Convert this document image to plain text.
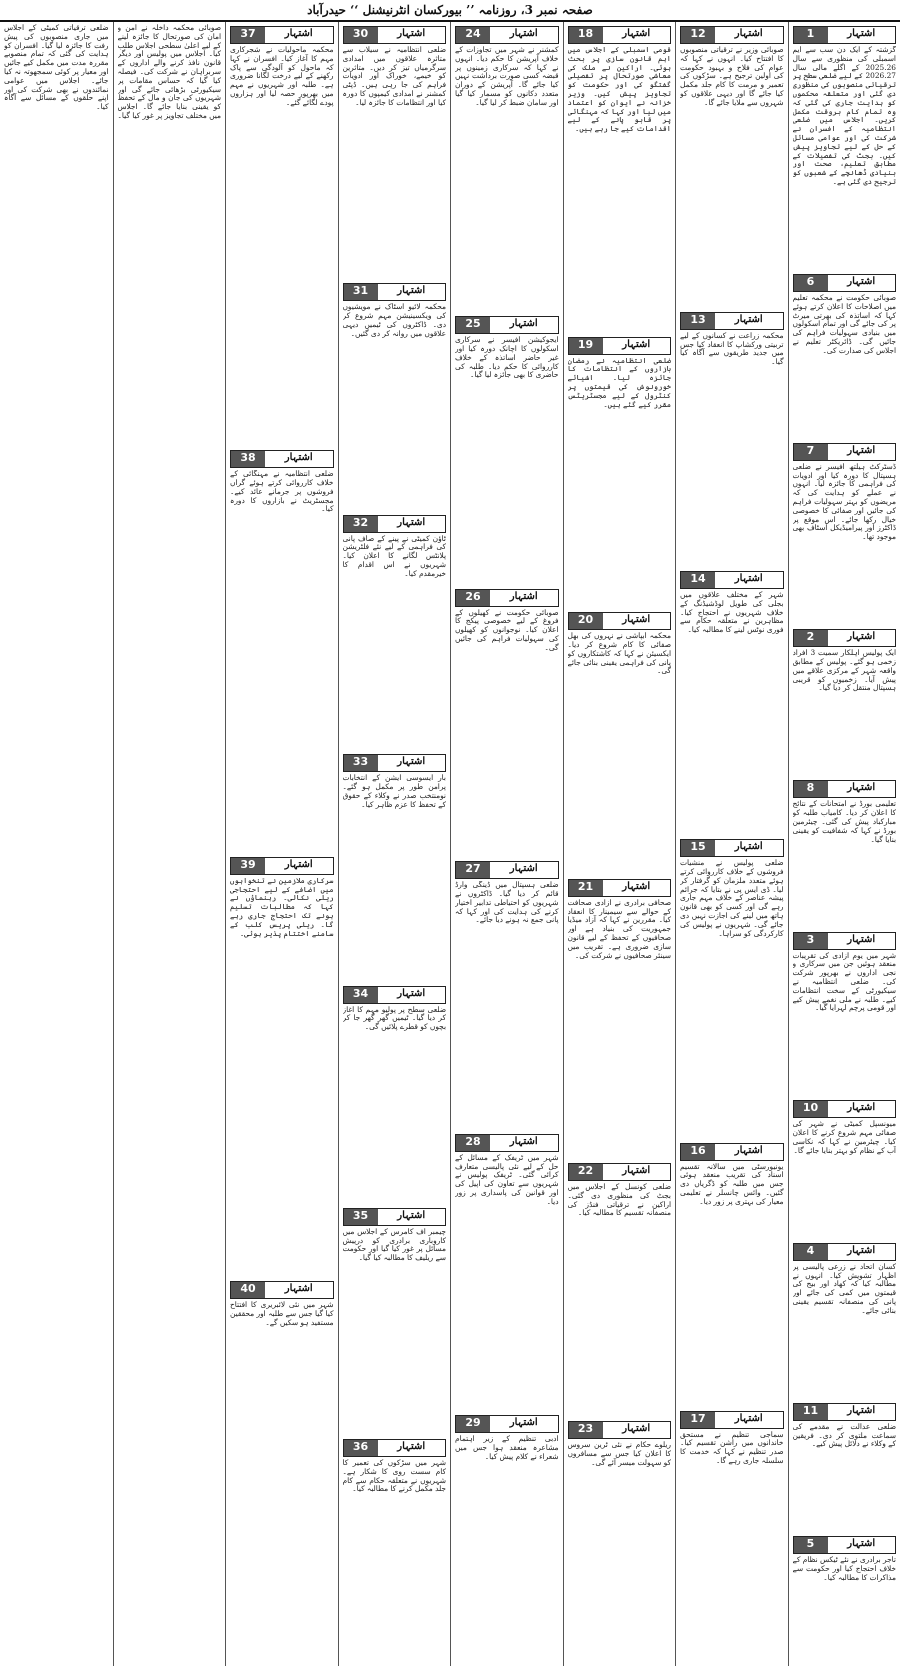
صفحہ نمبر 3، روزنامہ ’’ بیورکسان انٹرنیشنل ‘‘ حیدرآباد
اشتہار
1
گزشتہ کے ایک دن سب سے ایم اسمبلی کی منظوری سے سال 2025.26 کے اگلے مالی سال 2026.27 کے لیے ضلعی سطح پر ترقیاتی منصوبوں کی منظوری دی گئی اور متعلقہ محکموں کو ہدایت جاری کی گئی کہ وہ تمام کام بروقت مکمل کریں۔ اجلاس میں ضلعی انتظامیہ کے افسران نے شرکت کی اور عوامی مسائل کے حل کے لیے تجاویز پیش کیں۔ بجٹ کی تفصیلات کے مطابق تعلیم، صحت اور بنیادی ڈھانچے کے شعبوں کو ترجیح دی گئی ہے۔
اشتہار
6
صوبائی حکومت نے محکمہ تعلیم میں اصلاحات کا اعلان کرتے ہوئے کہا کہ اساتذہ کی بھرتی میرٹ پر کی جائے گی اور تمام اسکولوں میں بنیادی سہولیات فراہم کی جائیں گی۔ ڈائریکٹر تعلیم نے اجلاس کی صدارت کی۔
اشتہار
7
ڈسٹرکٹ ہیلتھ آفیسر نے ضلعی ہسپتال کا دورہ کیا اور ادویات کی فراہمی کا جائزہ لیا۔ انہوں نے عملے کو ہدایت کی کہ مریضوں کو بہتر سہولیات فراہم کی جائیں اور صفائی کا خصوصی خیال رکھا جائے۔ اس موقع پر ڈاکٹرز اور پیرامیڈیکل اسٹاف بھی موجود تھا۔
اشتہار
2
ایک پولیس اہلکار سمیت 3 افراد زخمی ہو گئے۔ پولیس کے مطابق واقعہ شہر کے مرکزی علاقے میں پیش آیا۔ زخمیوں کو قریبی ہسپتال منتقل کر دیا گیا۔
اشتہار
8
تعلیمی بورڈ نے امتحانات کے نتائج کا اعلان کر دیا۔ کامیاب طلبہ کو مبارکباد پیش کی گئی۔ چیئرمین بورڈ نے کہا کہ شفافیت کو یقینی بنایا گیا۔
اشتہار
3
شہر میں یوم آزادی کی تقریبات منعقد ہوئیں جن میں سرکاری و نجی اداروں نے بھرپور شرکت کی۔ ضلعی انتظامیہ نے سیکیورٹی کے سخت انتظامات کیے۔ طلبہ نے ملی نغمے پیش کیے اور قومی پرچم لہرایا گیا۔
اشتہار
10
میونسپل کمیٹی نے شہر کی صفائی مہم شروع کرنے کا اعلان کیا۔ چیئرمین نے کہا کہ نکاسی آب کے نظام کو بہتر بنایا جائے گا۔
اشتہار
4
کسان اتحاد نے زرعی پالیسی پر اظہار تشویش کیا۔ انہوں نے مطالبہ کیا کہ کھاد اور بیج کی قیمتوں میں کمی کی جائے اور پانی کی منصفانہ تقسیم یقینی بنائی جائے۔
اشتہار
11
ضلعی عدالت نے مقدمے کی سماعت ملتوی کر دی۔ فریقین کے وکلاء نے دلائل پیش کیے۔
اشتہار
5
تاجر برادری نے نئے ٹیکس نظام کے خلاف احتجاج کیا اور حکومت سے مذاکرات کا مطالبہ کیا۔
اشتہار
12
صوبائی وزیر نے ترقیاتی منصوبوں کا افتتاح کیا۔ انہوں نے کہا کہ عوام کی فلاح و بہبود حکومت کی اولین ترجیح ہے۔ سڑکوں کی تعمیر و مرمت کا کام جلد مکمل کیا جائے گا اور دیہی علاقوں کو شہروں سے ملایا جائے گا۔
اشتہار
13
محکمہ زراعت نے کسانوں کے لیے تربیتی ورکشاپ کا انعقاد کیا جس میں جدید طریقوں سے آگاہ کیا گیا۔
اشتہار
14
شہر کے مختلف علاقوں میں بجلی کی طویل لوڈشیڈنگ کے خلاف شہریوں نے احتجاج کیا۔ مظاہرین نے متعلقہ حکام سے فوری نوٹس لینے کا مطالبہ کیا۔
اشتہار
15
ضلعی پولیس نے منشیات فروشوں کے خلاف کارروائی کرتے ہوئے متعدد ملزمان کو گرفتار کر لیا۔ ڈی ایس پی نے بتایا کہ جرائم پیشہ عناصر کے خلاف مہم جاری رہے گی اور کسی کو بھی قانون ہاتھ میں لینے کی اجازت نہیں دی جائے گی۔ شہریوں نے پولیس کی کارکردگی کو سراہا۔
اشتہار
16
یونیورسٹی میں سالانہ تقسیم اسناد کی تقریب منعقد ہوئی جس میں طلبہ کو ڈگریاں دی گئیں۔ وائس چانسلر نے تعلیمی معیار کی بہتری پر زور دیا۔
اشتہار
17
سماجی تنظیم نے مستحق خاندانوں میں راشن تقسیم کیا۔ صدر تنظیم نے کہا کہ خدمت کا سلسلہ جاری رہے گا۔
اشتہار
18
قومی اسمبلی کے اجلاس میں اہم قانون سازی پر بحث ہوئی۔ اراکین نے ملک کی معاشی صورتحال پر تفصیلی گفتگو کی اور حکومت کو تجاویز پیش کیں۔ وزیر خزانہ نے ایوان کو اعتماد میں لیا اور کہا کہ مہنگائی پر قابو پانے کے لیے اقدامات کیے جا رہے ہیں۔
اشتہار
19
ضلعی انتظامیہ نے رمضان بازاروں کے انتظامات کا جائزہ لیا۔ اشیائے خورونوش کی قیمتوں پر کنٹرول کے لیے مجسٹریٹس مقرر کیے گئے ہیں۔
اشتہار
20
محکمہ آبپاشی نے نہروں کی بھل صفائی کا کام شروع کر دیا۔ ایکسیئن نے کہا کہ کاشتکاروں کو پانی کی فراہمی یقینی بنائی جائے گی۔
اشتہار
21
صحافی برادری نے آزادی صحافت کے حوالے سے سیمینار کا انعقاد کیا۔ مقررین نے کہا کہ آزاد میڈیا جمہوریت کی بنیاد ہے اور صحافیوں کے تحفظ کے لیے قانون سازی ضروری ہے۔ تقریب میں سینئر صحافیوں نے شرکت کی۔
اشتہار
22
ضلعی کونسل کے اجلاس میں بجٹ کی منظوری دی گئی۔ اراکین نے ترقیاتی فنڈز کی منصفانہ تقسیم کا مطالبہ کیا۔
اشتہار
23
ریلوے حکام نے نئی ٹرین سروس کا اعلان کیا جس سے مسافروں کو سہولت میسر آئے گی۔
اشتہار
24
کمشنر نے شہر میں تجاوزات کے خلاف آپریشن کا حکم دیا۔ انہوں نے کہا کہ سرکاری زمینوں پر قبضہ کسی صورت برداشت نہیں کیا جائے گا۔ آپریشن کے دوران متعدد دکانوں کو مسمار کیا گیا اور سامان ضبط کر لیا گیا۔
اشتہار
25
ایجوکیشن آفیسر نے سرکاری اسکولوں کا اچانک دورہ کیا اور غیر حاضر اساتذہ کے خلاف کارروائی کا حکم دیا۔ طلبہ کی حاضری کا بھی جائزہ لیا گیا۔
اشتہار
26
صوبائی حکومت نے کھیلوں کے فروغ کے لیے خصوصی پیکج کا اعلان کیا۔ نوجوانوں کو کھیلوں کی سہولیات فراہم کی جائیں گی۔
اشتہار
27
ضلعی ہسپتال میں ڈینگی وارڈ قائم کر دیا گیا۔ ڈاکٹروں نے شہریوں کو احتیاطی تدابیر اختیار کرنے کی ہدایت کی اور کہا کہ پانی جمع نہ ہونے دیا جائے۔
اشتہار
28
شہر میں ٹریفک کے مسائل کے حل کے لیے نئی پالیسی متعارف کرائی گئی۔ ٹریفک پولیس نے شہریوں سے تعاون کی اپیل کی اور قوانین کی پاسداری پر زور دیا۔
اشتہار
29
ادبی تنظیم کے زیر اہتمام مشاعرہ منعقد ہوا جس میں شعراء نے کلام پیش کیا۔
اشتہار
30
ضلعی انتظامیہ نے سیلاب سے متاثرہ علاقوں میں امدادی سرگرمیاں تیز کر دیں۔ متاثرین کو خیمے، خوراک اور ادویات فراہم کی جا رہی ہیں۔ ڈپٹی کمشنر نے امدادی کیمپوں کا دورہ کیا اور انتظامات کا جائزہ لیا۔
اشتہار
31
محکمہ لائیو اسٹاک نے مویشیوں کی ویکسینیشن مہم شروع کر دی۔ ڈاکٹروں کی ٹیمیں دیہی علاقوں میں روانہ کر دی گئیں۔
اشتہار
32
ٹاؤن کمیٹی نے پینے کے صاف پانی کی فراہمی کے لیے نئے فلٹریشن پلانٹس لگانے کا اعلان کیا۔ شہریوں نے اس اقدام کا خیرمقدم کیا۔
اشتہار
33
بار ایسوسی ایشن کے انتخابات پرامن طور پر مکمل ہو گئے۔ نومنتخب صدر نے وکلاء کے حقوق کے تحفظ کا عزم ظاہر کیا۔
اشتہار
34
ضلعی سطح پر پولیو مہم کا آغاز کر دیا گیا۔ ٹیمیں گھر گھر جا کر بچوں کو قطرے پلائیں گی۔
اشتہار
35
چیمبر آف کامرس کے اجلاس میں کاروباری برادری کو درپیش مسائل پر غور کیا گیا اور حکومت سے ریلیف کا مطالبہ کیا گیا۔
اشتہار
36
شہر میں سڑکوں کی تعمیر کا کام سست روی کا شکار ہے۔ شہریوں نے متعلقہ حکام سے کام جلد مکمل کرنے کا مطالبہ کیا۔
اشتہار
37
محکمہ ماحولیات نے شجرکاری مہم کا آغاز کیا۔ افسران نے کہا کہ ماحول کو آلودگی سے پاک رکھنے کے لیے درخت لگانا ضروری ہے۔ طلبہ اور شہریوں نے مہم میں بھرپور حصہ لیا اور ہزاروں پودے لگائے گئے۔
اشتہار
38
ضلعی انتظامیہ نے مہنگائی کے خلاف کارروائی کرتے ہوئے گراں فروشوں پر جرمانے عائد کیے۔ مجسٹریٹ نے بازاروں کا دورہ کیا۔
اشتہار
39
سرکاری ملازمین نے تنخواہوں میں اضافے کے لیے احتجاجی ریلی نکالی۔ رہنماؤں نے کہا کہ مطالبات تسلیم ہونے تک احتجاج جاری رہے گا۔ ریلی پریس کلب کے سامنے اختتام پذیر ہوئی۔
اشتہار
40
شہر میں نئی لائبریری کا افتتاح کیا گیا جس سے طلبہ اور محققین مستفید ہو سکیں گے۔
صوبائی محکمہ داخلہ نے امن و امان کی صورتحال کا جائزہ لینے کے لیے اعلیٰ سطحی اجلاس طلب کیا۔ اجلاس میں پولیس اور دیگر قانون نافذ کرنے والے اداروں کے سربراہان نے شرکت کی۔ فیصلہ کیا گیا کہ حساس مقامات پر سیکیورٹی بڑھائی جائے گی اور شہریوں کی جان و مال کے تحفظ کو یقینی بنایا جائے گا۔ اجلاس میں مختلف تجاویز پر غور کیا گیا۔
ضلعی ترقیاتی کمیٹی کے اجلاس میں جاری منصوبوں کی پیش رفت کا جائزہ لیا گیا۔ افسران کو ہدایت کی گئی کہ تمام منصوبے مقررہ مدت میں مکمل کیے جائیں اور معیار پر کوئی سمجھوتہ نہ کیا جائے۔ اجلاس میں عوامی نمائندوں نے بھی شرکت کی اور اپنے حلقوں کے مسائل سے آگاہ کیا۔
